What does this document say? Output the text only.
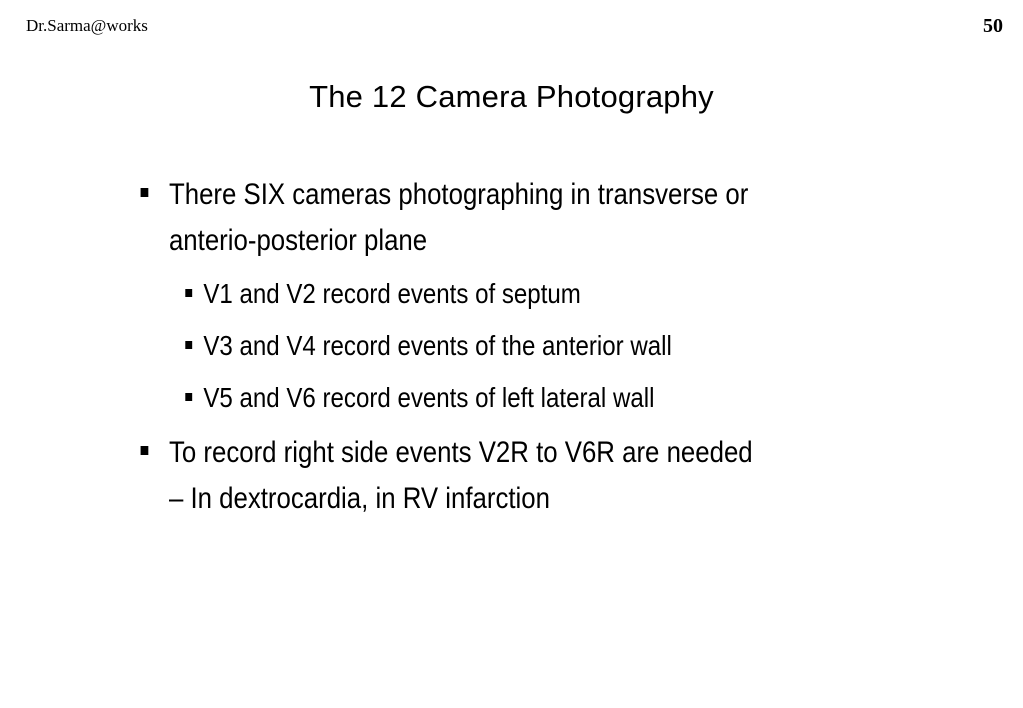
Dr.Sarma@works	50
The 12 Camera Photography
There SIX cameras photographing in transverse or
anterio-posterior plane
V1 and V2 record events of septum
V3 and V4 record events of the anterior wall
V5 and V6 record events of left lateral wall
To record right side events V2R to V6R are needed
– In dextrocardia, in RV infarction
